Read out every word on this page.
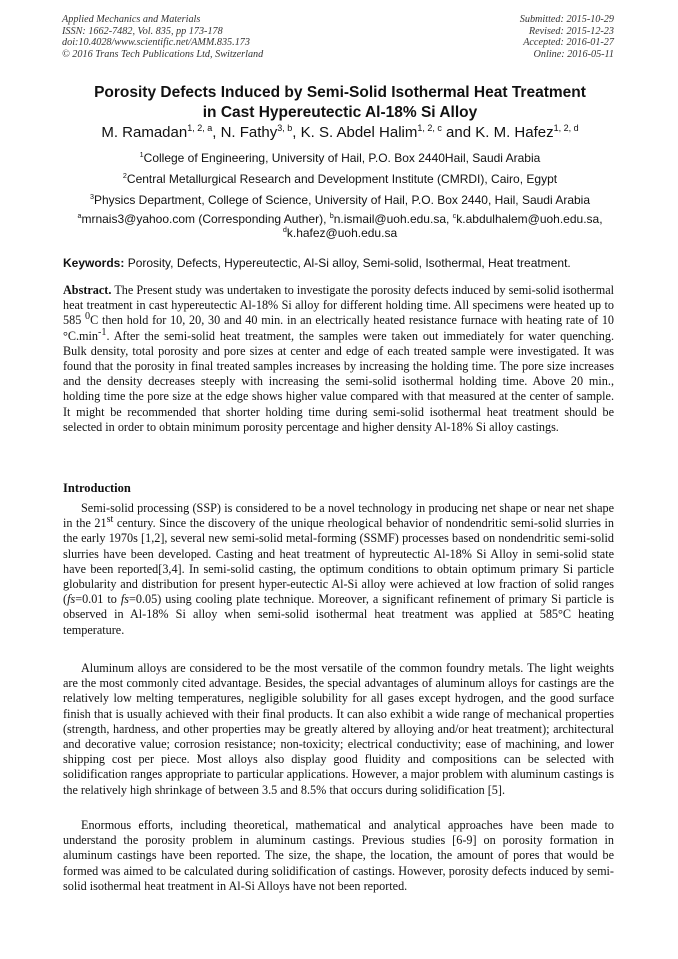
Applied Mechanics and Materials
ISSN: 1662-7482, Vol. 835, pp 173-178
doi:10.4028/www.scientific.net/AMM.835.173
© 2016 Trans Tech Publications Ltd, Switzerland
Submitted: 2015-10-29
Revised: 2015-12-23
Accepted: 2016-01-27
Online: 2016-05-11
Porosity Defects Induced by Semi-Solid Isothermal Heat Treatment
in Cast Hypereutectic Al-18% Si Alloy
M. Ramadan$^{1, 2, a}$, N. Fathy$^{3, b}$, K. S. Abdel Halim$^{1, 2, c}$ and K. M. Hafez$^{1, 2, d}$
$^1$College of Engineering, University of Hail, P.O. Box 2440Hail, Saudi Arabia
$^2$Central Metallurgical Research and Development Institute (CMRDI), Cairo, Egypt
$^3$Physics Department, College of Science, University of Hail, P.O. Box 2440, Hail, Saudi Arabia
$^a$mrnais3@yahoo.com (Corresponding Auther), $^b$n.ismail@uoh.edu.sa, $^c$k.abdulhalem@uoh.edu.sa,
$^d$k.hafez@uoh.edu.sa
Keywords: Porosity, Defects, Hypereutectic, Al-Si alloy, Semi-solid, Isothermal, Heat treatment.

Abstract. The Present study was undertaken to investigate the porosity defects induced by semi-solid isothermal heat treatment in cast hypereutectic Al-18% Si alloy for different holding time. All specimens were heated up to 585 $^0$C then hold for 10, 20, 30 and 40 min. in an electrically heated resistance furnace with heating rate of 10 $^\circ C.\min^{-1}$. After the semi-solid heat treatment, the samples were taken out immediately for water quenching. Bulk density, total porosity and pore sizes at center and edge of each treated sample were investigated. It was found that the porosity in final treated samples increases by increasing the holding time. The pore size increases and the density decreases steeply with increasing the semi-solid isothermal holding time. Above 20 min., holding time the pore size at the edge shows higher value compared with that measured at the center of sample. It might be recommended that shorter holding time during semi-solid isothermal heat treatment should be selected in order to obtain minimum porosity percentage and higher density Al-18% Si alloy castings.

Introduction

Semi-solid processing (SSP) is considered to be a novel technology in producing net shape or near net shape in the 21st century. Since the discovery of the unique rheological behavior of nondendritic semi-solid slurries in the early 1970s [1,2], several new semi-solid metal-forming (SSMF) processes based on nondendritic semi-solid slurries have been developed. Casting and heat treatment of hypreutectic Al-18% Si Alloy in semi-solid state have been reported[3,4]. In semi-solid casting, the optimum conditions to obtain optimum primary Si particle globularity and distribution for present hyper-eutectic Al-Si alloy were achieved at low fraction of solid ranges (fs=0.01 to fs=0.05) using cooling plate technique. Moreover, a significant refinement of primary Si particle is observed in Al-18% Si alloy when semi-solid isothermal heat treatment was applied at 585°C heating temperature.

Aluminum alloys are considered to be the most versatile of the common foundry metals. The light weights are the most commonly cited advantage. Besides, the special advantages of aluminum alloys for castings are the relatively low melting temperatures, negligible solubility for all gases except hydrogen, and the good surface finish that is usually achieved with their final products. It can also exhibit a wide range of mechanical properties (strength, hardness, and other properties may be greatly altered by alloying and/or heat treatment); architectural and decorative value; corrosion resistance; non-toxicity; electrical conductivity; ease of machining, and lower shipping cost per piece. Most alloys also display good fluidity and compositions can be selected with solidification ranges appropriate to particular applications. However, a major problem with aluminum castings is the relatively high shrinkage of between 3.5 and 8.5% that occurs during solidification [5].

Enormous efforts, including theoretical, mathematical and analytical approaches have been made to understand the porosity problem in aluminum castings. Previous studies [6-9] on porosity formation in aluminum castings have been reported. The size, the shape, the location, the amount of pores that would be formed was aimed to be calculated during solidification of castings. However, porosity defects induced by semi-solid isothermal heat treatment in Al-Si Alloys have not been reported.
